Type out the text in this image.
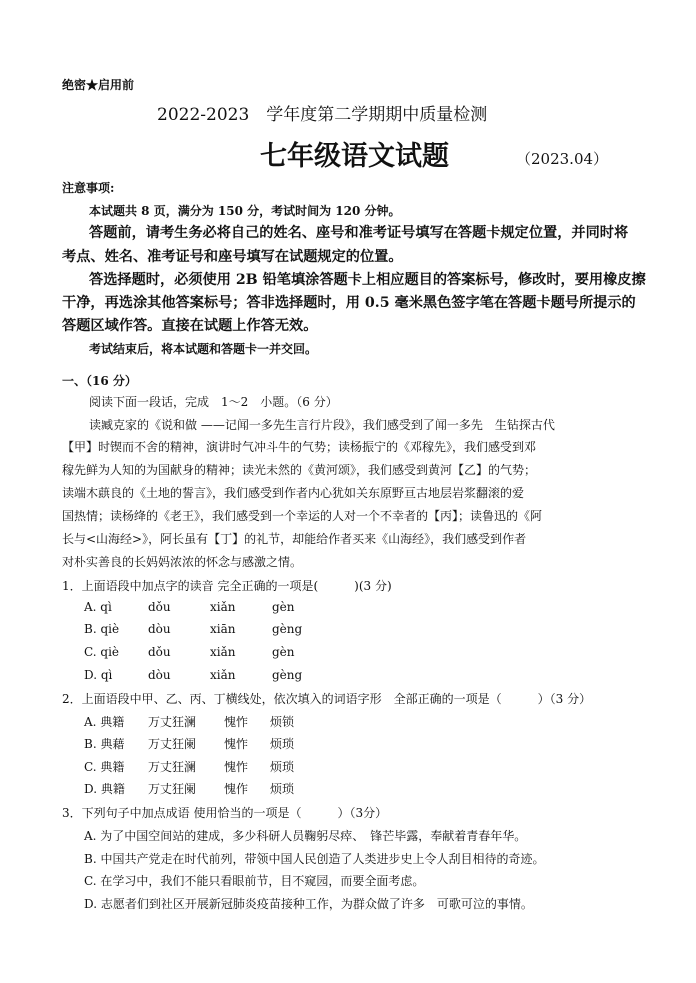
绝密★启用前
2022-2023　学年度第二学期期中质量检测
七年级语文试题	（2023.04）
注意事项:
本试题共 8 页，满分为 150 分，考试时间为 120 分钟。
答题前，请考生务必将自己的姓名、座号和准考证号填写在答题卡规定位置，并同时将
考点、姓名、准考证号和座号填写在试题规定的位置。
答选择题时，必须使用 2B 铅笔填涂答题卡上相应题目的答案标号，修改时，要用橡皮擦
干净，再选涂其他答案标号；答非选择题时，用 0.5 毫米黑色签字笔在答题卡题号所提示的
答题区域作答。直接在试题上作答无效。
考试结束后，将本试题和答题卡一并交回。
一、（16 分）
阅读下面一段话，完成　1～2　小题。（6 分）
读臧克家的《说和做 ——记闻一多先生言行片段》，我们感受到了闻一多先　生钻探古代
【甲】时锲而不舍的精神，演讲时气冲斗牛的气势；读杨振宁的《邓稼先》，我们感受到邓
稼先鲜为人知的为国献身的精神；读光未然的《黄河颂》，我们感受到黄河【乙】的气势；
读端木蕻良的《土地的誓言》，我们感受到作者内心犹如关东原野亘古地层岩浆翻滚的爱
国热情；读杨绛的《老王》，我们感受到一个幸运的人对一个不幸者的【丙】；读鲁迅的《阿
长与<山海经>》，阿长虽有【丁】的礼节，却能给作者买来《山海经》，我们感受到作者
对朴实善良的长妈妈浓浓的怀念与感激之情。
1．上面语段中加点字的读音 完全正确的一项是(　　　)(3 分)
A. qì	dǒu	xiǎn	gèn
B. qiè dòu	xiān	gèng
C. qiè dǒu	xiǎn	gèn
D. qì	dòu	xiǎn	gèng
2．上面语段中甲、乙、丙、丁横线处，依次填入的词语字形　全部正确的一项是（　　　）（3 分）
A. 典籍 万丈狂澜 愧怍 烦锁
B. 典藉 万丈狂阑 愧怍 烦琐
C. 典籍 万丈狂澜 愧怍 烦琐
D. 典籍 万丈狂阑 愧作 烦琐
3．下列句子中加点成语 使用恰当的一项是（　　　）（3分）
A. 为了中国空间站的建成，多少科研人员鞠躬尽瘁、　锋芒毕露，奉献着青春年华。
B. 中国共产党走在时代前列，带领中国人民创造了人类进步史上令人刮目相待的奇迹。
C. 在学习中，我们不能只看眼前节，目不窥园，而要全面考虑。
D. 志愿者们到社区开展新冠肺炎疫苗接种工作，为群众做了许多　可歌可泣的事情。
